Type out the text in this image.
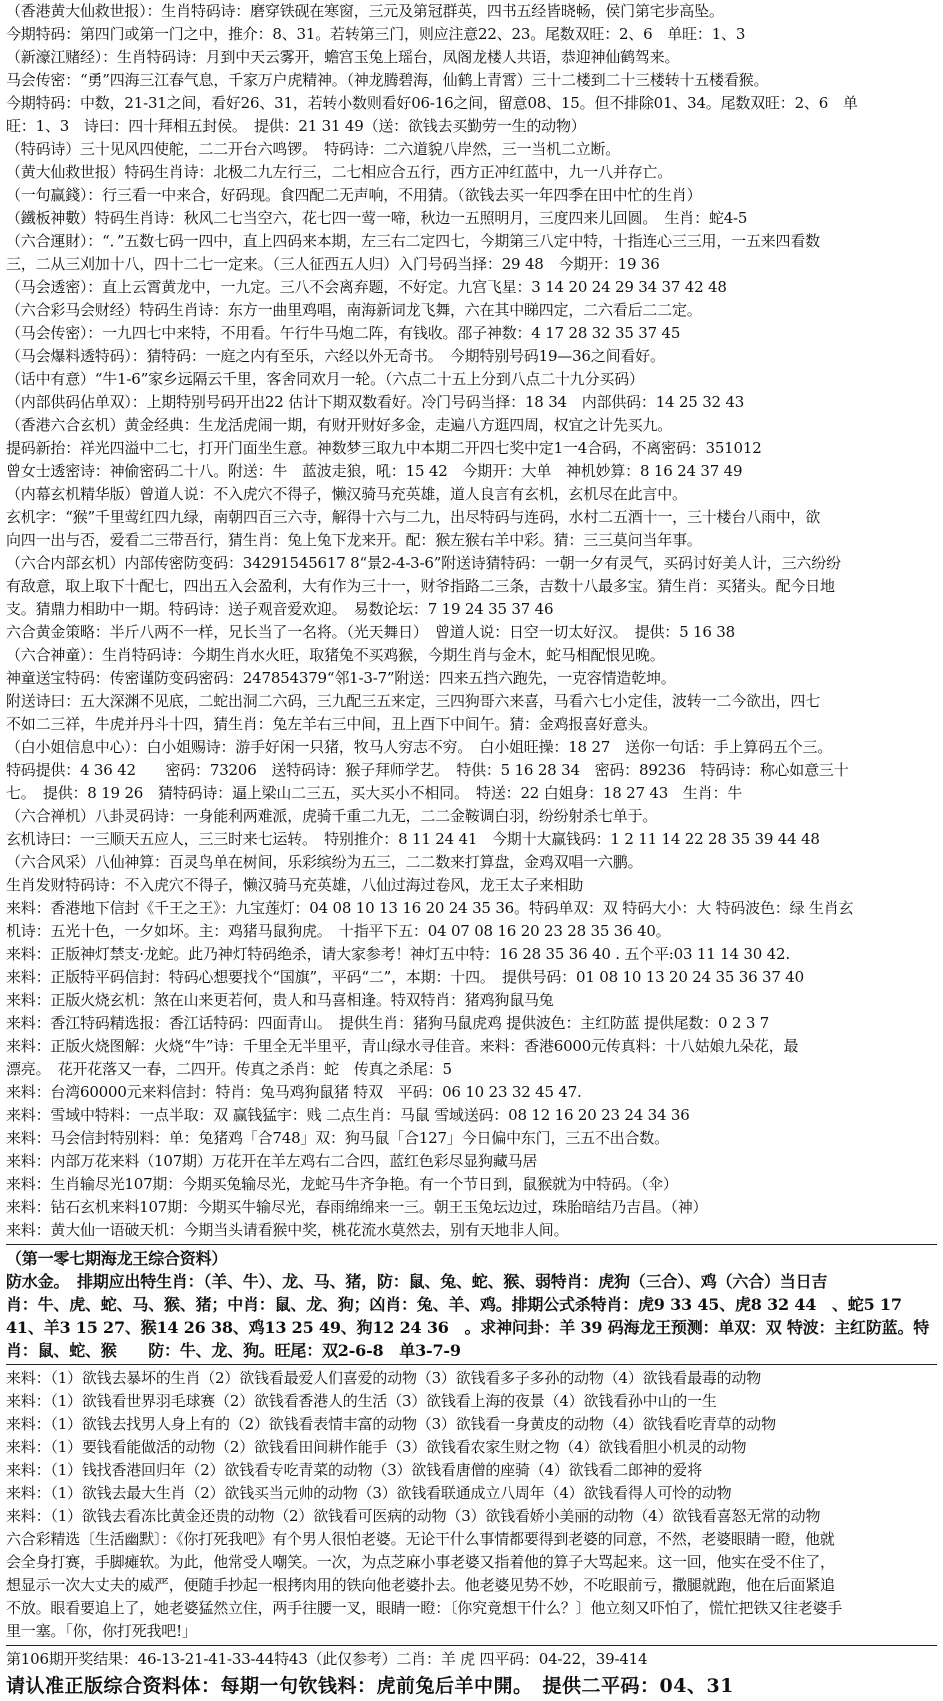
（香港黄大仙救世报）：生肖特码诗：磨穿铁砚在寒窗，三元及第冠群英，四书五经皆晓畅，侯门第宅步高坠。
今期特码：第四门或第一门之中，推介：8、31。若转第三门，则应注意22、23。尾数双旺：2、6　单旺：1、3
（新濠江赌经）：生肖特码诗：月到中天云雾开，蟾宫玉兔上瑶台，凤阁龙楼人共语，恭迎神仙鹤驾来。
马会传密：“勇”四海三江春气息，千家万户虎精神。（神龙腾碧海，仙鹤上青霄）三十二楼到二十三楼转十五楼看猴。
今期特码：中数，21-31之间，看好26、31，若转小数则看好06-16之间，留意08、15。但不排除01、34。尾数双旺：2、6　单
旺：1、3　诗曰：四十拜相五封侯。　提供：21 31 49（送：欲钱去买勤劳一生的动物）
（特码诗）三十见风四使舵，二二开台六鸣锣。　特码诗：二六道貌八岸然，三一当机二立断。
（黄大仙救世报）特码生肖诗：北极二九左行三，二七相应合五行，西方正冲红蓝中，九一八并存亡。
（一句赢錢）：行三看一中来合，好码现。食四配二无声响，不用猜。（欲钱去买一年四季在田中忙的生肖）
（鐵板神數）特码生肖诗：秋风二七当空六，花七四一莺一啼，秋边一五照明月，三度四来儿回圆。　生肖：蛇4-5
（六合運財）：“．”五数七码一四中，直上四码来本期，左三右二定四七，今期第三八定中特，十指连心三三用，一五来四看数
三，二从三刈加十八，四十二七一定来。（三人征西五人归）入门号码当择：29 48　今期开：19 36
（马会透密）：直上云霄黄龙中，一九定。三八不会离弃题，不好定。九宫飞星：3 14 20 24 29 34 37 42 48
（六合彩马会财经）特码生肖诗：东方一曲里鸡唱，南海新词龙飞舞，六在其中睇四定，二六看后二二定。
（马会传密）：一九四七中来特，不用看。午行牛马炮二阵，有钱收。邵子神数：4 17 28 32 35 37 45
（马会爆料透特码）：猜特码：一庭之内有至乐，六经以外无奇书。　今期特别号码19—36之间看好。
（话中有意）“牛1-6”家乡远隔云千里，客舍同欢月一轮。（六点二十五上分到八点二十九分买码）
（内部供码佔单双）：上期特别号码开出22 估计下期双数看好。冷门号码当择：18 34　内部供码：14 25 32 43
（香港六合玄机）黄金经典：生龙活虎闹一期，有财开财好多金，走遍八方逛四周，权宜之计先买九。
提码新抬：祥光四溢中二七，打开门面坐生意。神数梦三取九中本期二开四七奖中定1一4合码，不离密码：351012
曾女士透密诗：神偷密码二十八。附送：牛　蓝波走狼，吼：15 42　今期开：大单　神机妙算：8 16 24 37 49
（内幕玄机精华版）曾道人说：不入虎穴不得子，懒汉骑马充英雄，道人良言有玄机，玄机尽在此言中。
玄机字：“猴”千里莺红四九绿，南朝四百三六寺，解得十六与二九，出尽特码与连码，水村二五酒十一，三十楼台八雨中，欲
向四一出与否，爱看二三带吾行，猜生肖：兔上兔下龙来开。配：猴左猴右羊中彩。猜：三三莫问当年事。
（六合内部玄机）内部传密防变码：34291545617 8“景2-4-3-6”附送诗猜特码：一朝一夕有灵气，买码讨好美人计，三六纷纷
有敌意，取上取下十配七，四出五入会盈利，大有作为三十一，财爷指路二三条，吉数十八最多宝。猜生肖：买猪头。配今日地
支。猜鼎力相助中一期。特码诗：送子观音爱欢迎。　易数论坛：7 19 24 35 37 46
六合黄金策略：半斤八两不一样，兄长当了一名将。（光天舞日）　曾道人说：日空一切太好汉。　提供：5 16 38
（六合神童）：生肖特码诗：今期生肖水火旺，取猪兔不买鸡猴，今期生肖与金木，蛇马相配恨见晚。
神童送宝特码：传密谨防变码密码：247854379“邻1-3-7”附送：四来五挡六跑先，一克容情造乾坤。
附送诗曰：五大深渊不见底，二蛇出洞二六码，三九配三五来定，三四狗哥六来喜，马看六七小定佳，波转一二今欲出，四七
不如二三祥，牛虎并丹斗十四，猜生肖：兔左羊右三中间，丑上酉下中间午。猜：金鸡报喜好意头。
（白小姐信息中心）：白小姐赐诗：游手好闲一只猪，牧马人穷志不穷。　白小姐旺操：18 27　送你一句话：手上算码五个三。
特码提供：4 36 42　　密码：73206　送特码诗：猴子拜师学艺。　特供：5 16 28 34　密码：89236　特码诗：称心如意三十
七。　提供：8 19 26　猜特码诗：逼上梁山二三五，买大买小不相同。　特送：22 白姐身：18 27 43　生肖：牛
（六合禅机）八卦灵码诗：一身能利两难派，虎骑千重二九无，二二金鞍调白羽，纷纷射杀七单于。
玄机诗曰：一三顺天五应人，三三时来七运转。　特别推介：8 11 24 41　今期十大赢钱码：1 2 11 14 22 28 35 39 44 48
（六合风采）八仙神算：百灵鸟单在树间，乐彩缤纷为五三，二二数来打算盘，金鸡双唱一六鹏。
生肖发财特码诗：不入虎穴不得子，懒汉骑马充英雄，八仙过海过卷风，龙王太子来相助
来料：香港地下信封《千王之王》：九宝莲灯：04 08 10 13 16 20 24 35 36。特码单双：双 特码大小：大 特码波色：绿 生肖玄
机诗：五光十色，一夕如坏。主：鸡猪马鼠狗虎。　十指平下五：04 07 08 16 20 23 28 35 36 40。
来料：正版神灯禁支·龙蛇。此乃神灯特码绝杀，请大家参考！神灯五中特：16 28 35 36 40 . 五个平:03 11 14 30 42.
来料：正版特平码信封：特码心想要找个“国旗”，平码“二”，本期：十四。　提供号码：01 08 10 13 20 24 35 36 37 40
来料：正版火烧玄机：煞在山来更若何，贵人和马喜相逢。特双特肖：猪鸡狗鼠马兔
来料：香江特码精选报：香江话特码：四面青山。　提供生肖：猪狗马鼠虎鸡 提供波色：主红防蓝 提供尾数：0 2 3 7
来料：正版火烧图解：火烧“牛”诗：千里全无半里平，青山绿水寻佳音。来料：香港6000元传真料：十八姑娘九朵花，最
漂亮。　花开花落又一春，二四开。传真之杀肖：蛇　传真之杀尾：5
来料：台湾60000元来料信封：特肖：兔马鸡狗鼠猪 特双　平码：06 10 23 32 45 47.
来料：雪域中特料：一点半取：双 赢钱猛宇：贱 二点生肖：马鼠 雪域送码：08 12 16 20 23 24 34 36
来料：马会信封特别料：单：兔猪鸡「合748」双：狗马鼠「合127」今日偏中东门，三五不出合数。
来料：内部万花来料（107期）万花开在羊左鸡右二合四，蓝红色彩尽显狗藏马居
来料：生肖输尽光107期：今期买兔输尽光，龙蛇马牛齐争艳。有一个节日到，鼠猴就为中特码。（伞）
来料：钻石玄机来料107期：今期买牛输尽光，春雨绵绵来一三。朝王玉兔坛边过，珠胎暗结乃吉昌。（神）
来料：黄大仙一语破天机：今期当头请看猴中奖，桃花流水莫然去，别有天地非人间。
（第一零七期海龙王综合资料）
防水金。　排期应出特生肖：（羊、牛）、龙、马、猪，防：鼠、兔、蛇、猴、弱特肖：虎狗（三合）、鸡（六合）当日吉
肖：牛、虎、蛇、马、猴、猪；中肖：鼠、龙、狗；凶肖：兔、羊、鸡。排期公式杀特肖：虎9 33 45、虎8 32 44　、蛇5 17
41、羊3 15 27、猴14 26 38、鸡13 25 49、狗12 24 36　。求神问卦：羊 39 码海龙王预测：单双：双 特波：主红防蓝。特
肖：鼠、蛇、猴　　防：牛、龙、狗。旺尾：双2-6-8　单3-7-9
来料：（1）欲钱去暴坏的生肖（2）欲钱看最爱人们喜爱的动物（3）欲钱看多子多孙的动物（4）欲钱看最毒的动物
来料：（1）欲钱看世界羽毛球赛（2）欲钱看香港人的生活（3）欲钱看上海的夜景（4）欲钱看孙中山的一生
来料：（1）欲钱去找男人身上有的（2）欲钱看表情丰富的动物（3）欲钱看一身黄皮的动物（4）欲钱看吃青草的动物
来料：（1）要钱看能做活的动物（2）欲钱看田间耕作能手（3）欲钱看农家生财之物（4）欲钱看胆小机灵的动物
来料：（1）钱找香港回归年（2）欲钱看专吃青菜的动物（3）欲钱看唐僧的座骑（4）欲钱看二郎神的爱将
来料：（1）欲钱去最大生肖（2）欲钱买当元帅的动物（3）欲钱看联通成立八周年（4）欲钱看得人可怜的动物
来料：（1）欲钱去看冻比黄金还贵的动物（2）欲钱看可医病的动物（3）欲钱看娇小美丽的动物（4）欲钱看喜怒无常的动物
六合彩精选〔生活幽默〕：《你打死我吧》有个男人很怕老婆。无论干什么事情都要得到老婆的同意，不然，老婆眼睛一瞪，他就
会全身打赛，手脚瘫软。为此，他常受人嘲笑。一次，为点芝麻小事老婆又指着他的算子大骂起来。这一回，他实在受不住了，
想显示一次大丈夫的威严，便随手抄起一根拷肉用的铁向他老婆扑去。他老婆见势不妙，不吃眼前亏，撒腿就跑，他在后面紧追
不放。眼看要追上了，她老婆猛然立住，两手往腰一叉，眼睛一瞪：〔你究竟想干什么？〕他立刻又吓怕了，慌忙把铁又往老婆手
里一塞。「你，你打死我吧!」
第106期开奖结果：46-13-21-41-33-44特43（此仅参考）二肖：羊 虎 四平码：04-22，39-414
请认准正版综合资料体：每期一句钦钱料：虎前兔后羊中開。　提供二平码：04、31
